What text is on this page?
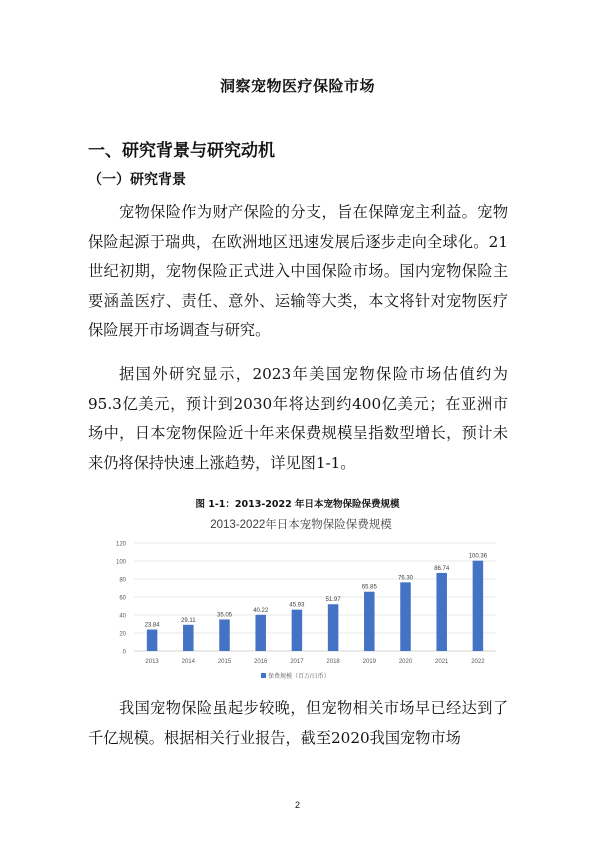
洞察宠物医疗保险市场
一、研究背景与研究动机
（一）研究背景
宠物保险作为财产保险的分支，旨在保障宠主利益。宠物保险起源于瑞典，在欧洲地区迅速发展后逐步走向全球化。21世纪初期，宠物保险正式进入中国保险市场。国内宠物保险主要涵盖医疗、责任、意外、运输等大类，本文将针对宠物医疗保险展开市场调查与研究。
据国外研究显示，2023年美国宠物保险市场估值约为95.3亿美元，预计到2030年将达到约400亿美元；在亚洲市场中，日本宠物保险近十年来保费规模呈指数型增长，预计未来仍将保持快速上涨趋势，详见图1-1。
图 1-1：2013-2022 年日本宠物保险保费规模
2013-2022年日本宠物保险保费规模
0
20
40
60
80
100
120
23.84
2013
29.11
2014
35.05
2015
40.22
2016
45.93
2017
51.97
2018
65.85
2019
76.30
2020
86.74
2021
100.36
2022
保费规模（百万/日币）
我国宠物保险虽起步较晚，但宠物相关市场早已经达到了千亿规模。根据相关行业报告，截至2020我国宠物市场
2
